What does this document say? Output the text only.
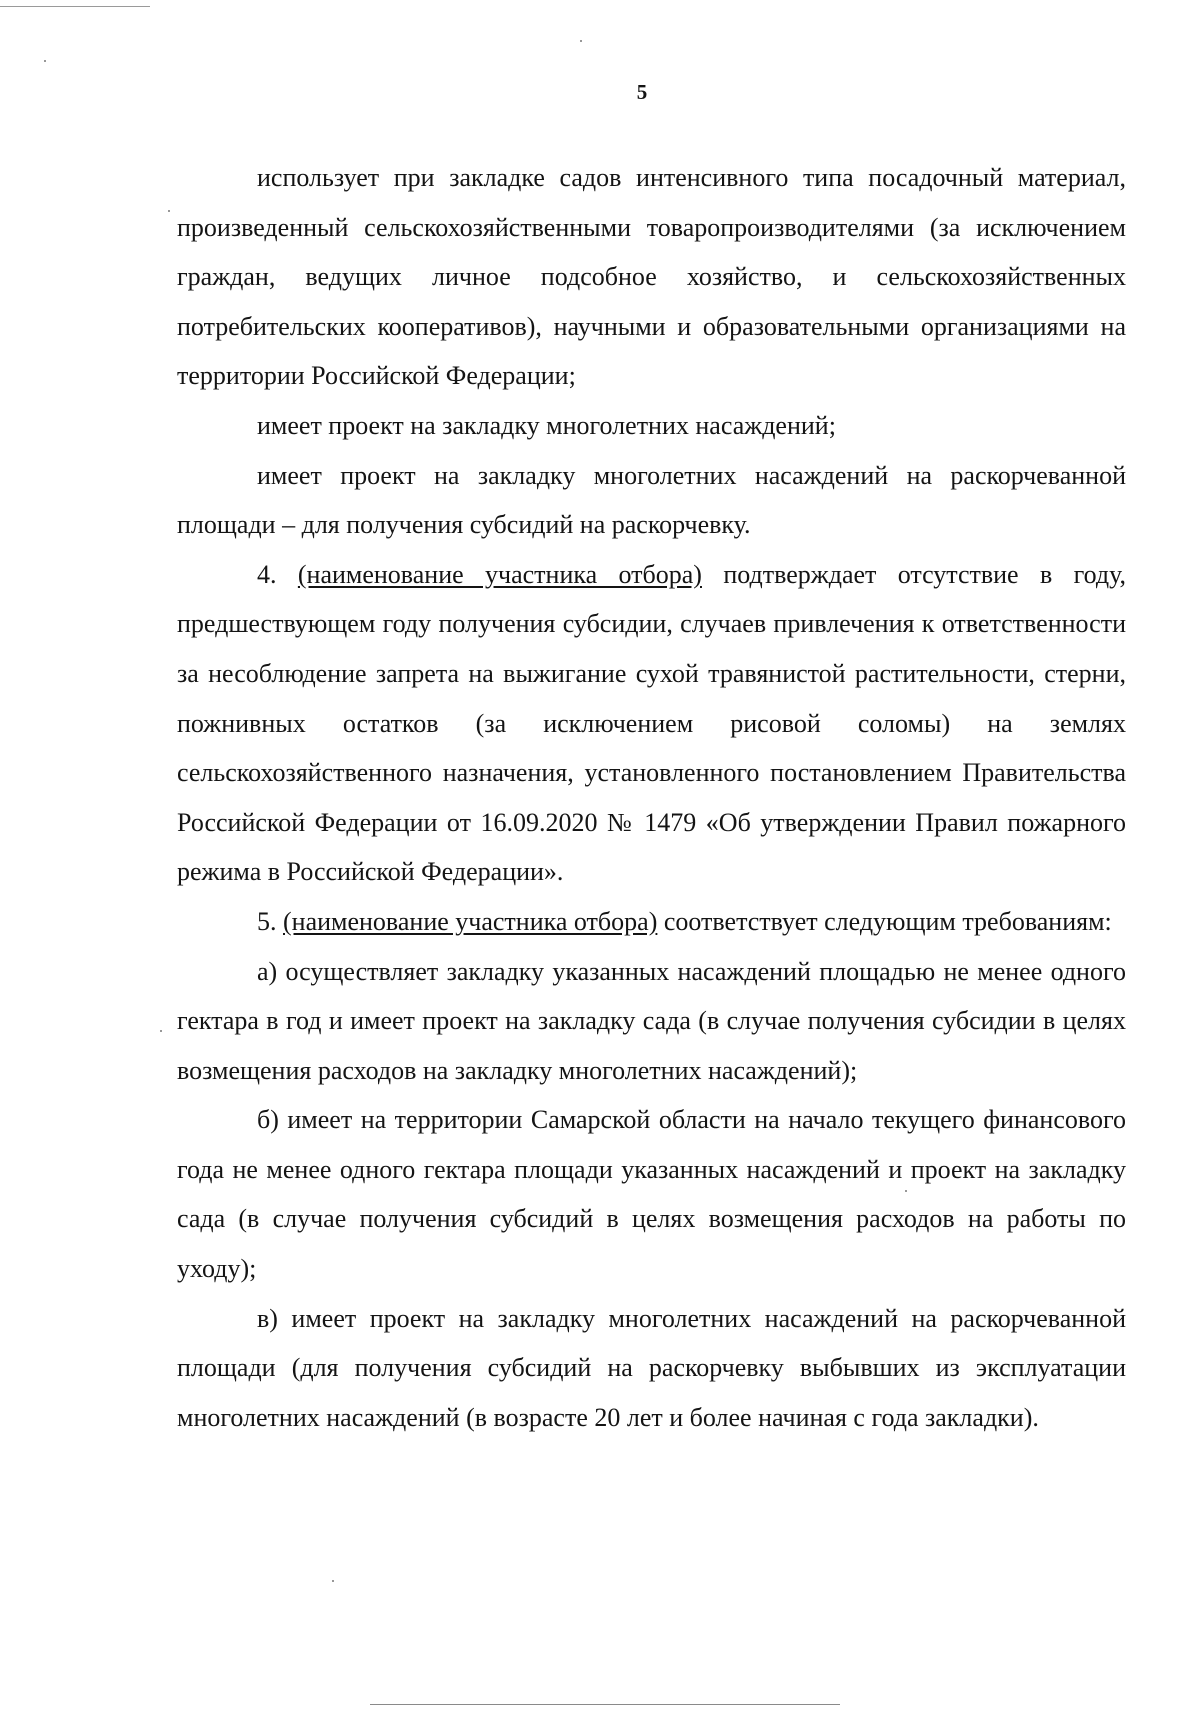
5

использует при закладке садов интенсивного типа посадочный материал, произведенный сельскохозяйственными товаропроизводителями (за исключением граждан, ведущих личное подсобное хозяйство, и сельскохозяйственных потребительских кооперативов), научными и образовательными организациями на территории Российской Федерации;

имеет проект на закладку многолетних насаждений;

имеет проект на закладку многолетних насаждений на раскорчеванной площади – для получения субсидий на раскорчевку.

4. (наименование участника отбора) подтверждает отсутствие в году, предшествующем году получения субсидии, случаев привлечения к ответственности за несоблюдение запрета на выжигание сухой травянистой растительности, стерни, пожнивных остатков (за исключением рисовой соломы) на землях сельскохозяйственного назначения, установленного постановлением Правительства Российской Федерации от 16.09.2020 № 1479 «Об утверждении Правил пожарного режима в Российской Федерации».

5. (наименование участника отбора) соответствует следующим требованиям:

а) осуществляет закладку указанных насаждений площадью не менее одного гектара в год и имеет проект на закладку сада (в случае получения субсидии в целях возмещения расходов на закладку многолетних насаждений);

б) имеет на территории Самарской области на начало текущего финансового года не менее одного гектара площади указанных насаждений и проект на закладку сада (в случае получения субсидий в целях возмещения расходов на работы по уходу);

в) имеет проект на закладку многолетних насаждений на раскорчеванной площади (для получения субсидий на раскорчевку выбывших из эксплуатации многолетних насаждений (в возрасте 20 лет и более начиная с года закладки).
